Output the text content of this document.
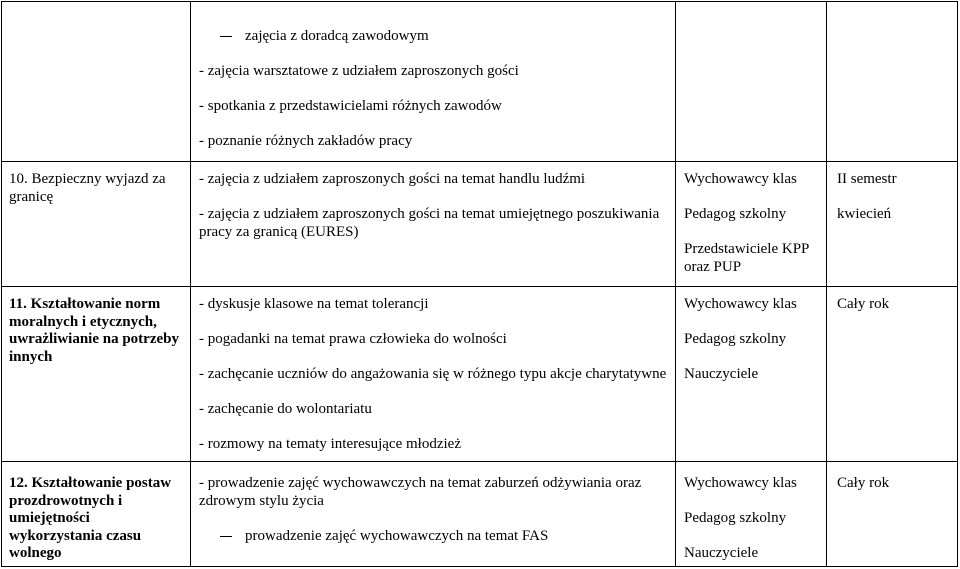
zajęcia z doradcą zawodowym
- zajęcia warsztatowe z udziałem zaproszonych gości
- spotkania z przedstawicielami różnych zawodów
- poznanie różnych zakładów pracy
10. Bezpieczny wyjazd za
granicę
- zajęcia z udziałem zaproszonych gości na temat handlu ludźmi
- zajęcia z udziałem zaproszonych gości na temat umiejętnego poszukiwania
pracy za granicą (EURES)
Wychowawcy klas
Pedagog szkolny
Przedstawiciele KPP
oraz PUP
II semestr
kwiecień
11. Kształtowanie norm
moralnych i etycznych,
uwrażliwianie na potrzeby
innych
- dyskusje klasowe na temat tolerancji
- pogadanki na temat prawa człowieka do wolności
- zachęcanie uczniów do angażowania się w różnego typu akcje charytatywne
- zachęcanie do wolontariatu
- rozmowy na tematy interesujące młodzież
Wychowawcy klas
Pedagog szkolny
Nauczyciele
Cały rok
12. Kształtowanie postaw
prozdrowotnych i
umiejętności
wykorzystania czasu
wolnego
- prowadzenie zajęć wychowawczych na temat zaburzeń odżywiania oraz
zdrowym stylu życia
prowadzenie zajęć wychowawczych na temat FAS
Wychowawcy klas
Pedagog szkolny
Nauczyciele
Cały rok
